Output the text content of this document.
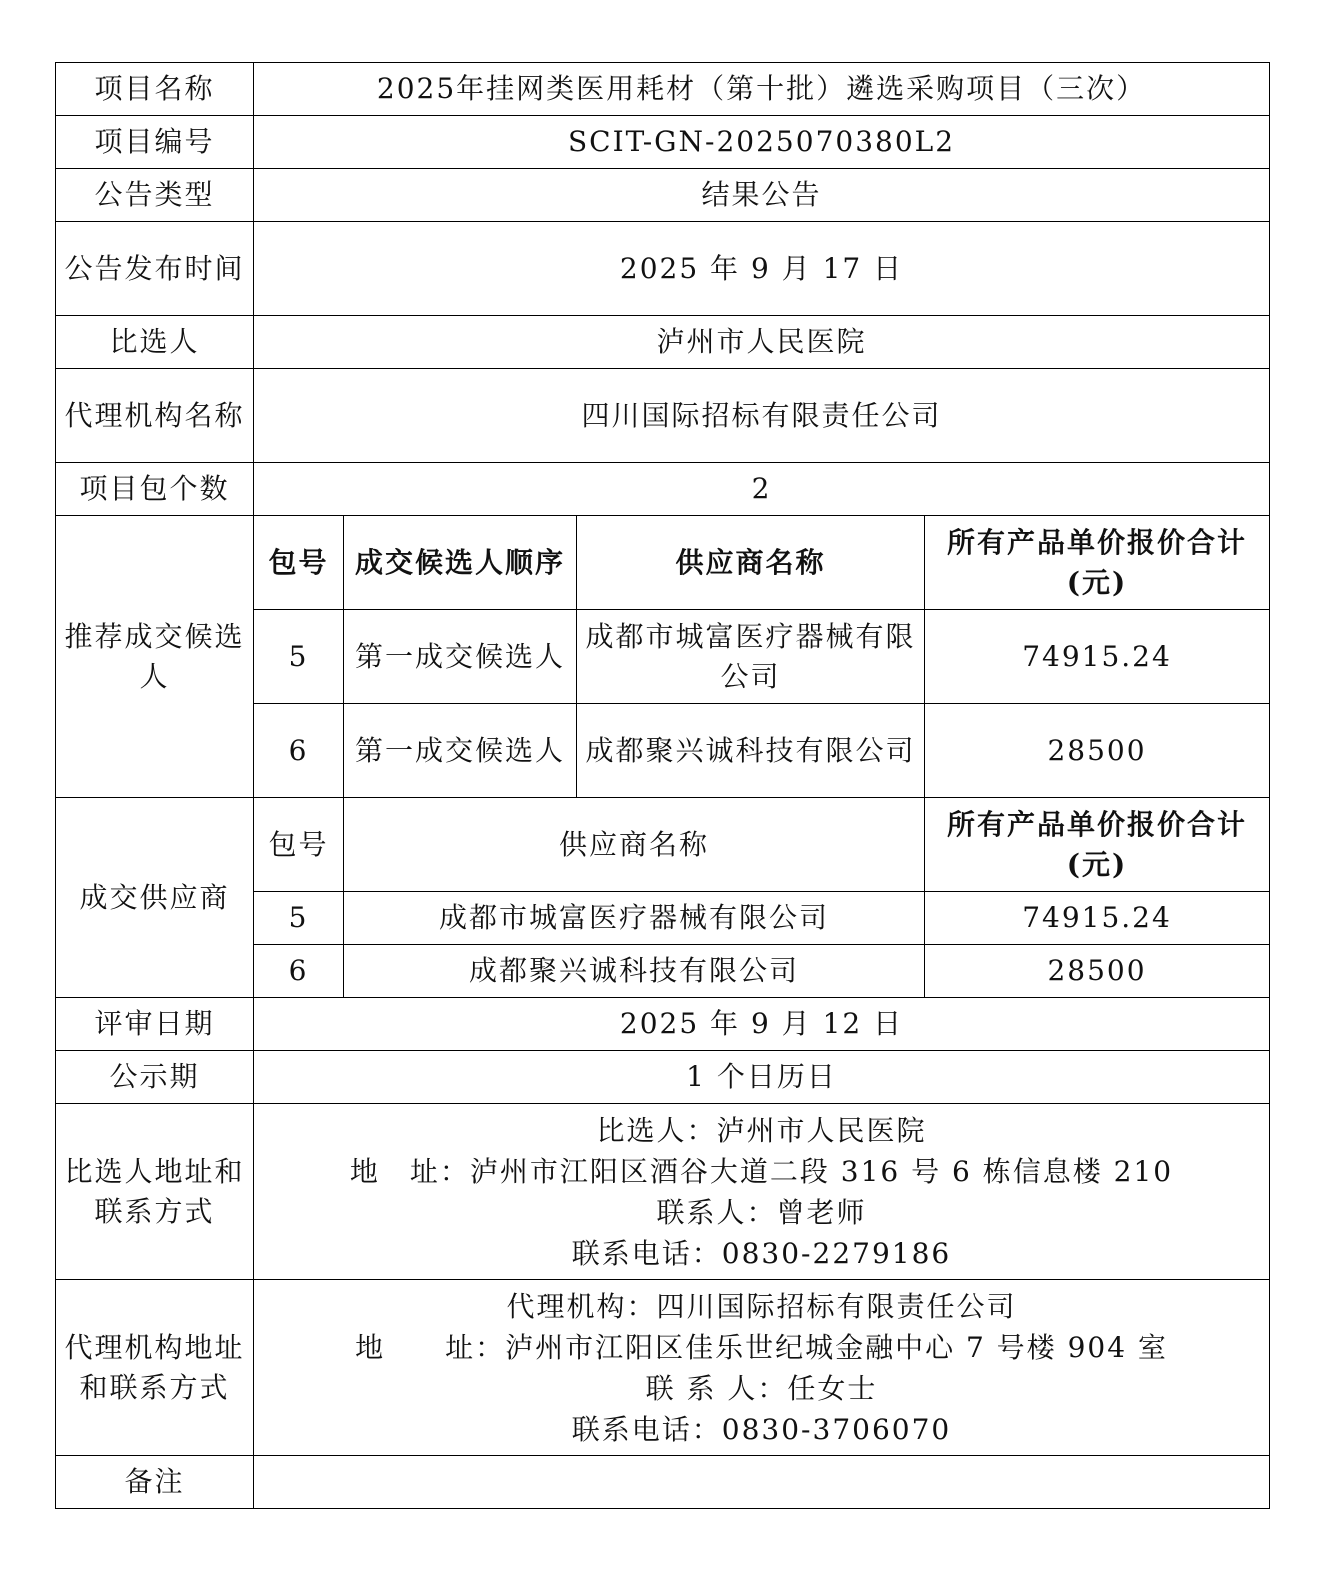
项目名称	2025年挂网类医用耗材（第十批）遴选采购项目（三次）			
项目编号	SCIT-GN-2025070380L2			
公告类型	结果公告			
公告发布时间	2025 年 9 月 17 日			
比选人	泸州市人民医院			
代理机构名称	四川国际招标有限责任公司			
项目包个数	2			
推荐成交候选人	包号	成交候选人顺序	供应商名称	所有产品单价报价合计(元)
	5	第一成交候选人	成都市城富医疗器械有限公司	74915.24
	6	第一成交候选人	成都聚兴诚科技有限公司	28500
成交供应商	包号	供应商名称		所有产品单价报价合计(元)
	5	成都市城富医疗器械有限公司		74915.24
	6	成都聚兴诚科技有限公司		28500
评审日期	2025 年 9 月 12 日			
公示期	1 个日历日			
比选人地址和联系方式	比选人：泸州市人民医院
地　址：泸州市江阳区酒谷大道二段 316 号 6 栋信息楼 210
联系人：曾老师
联系电话：0830-2279186			

代理机构地址和联系方式	代理机构：四川国际招标有限责任公司
地　　址：泸州市江阳区佳乐世纪城金融中心 7 号楼 904 室
联 系 人：任女士
联系电话：0830-3706070			

备注				
